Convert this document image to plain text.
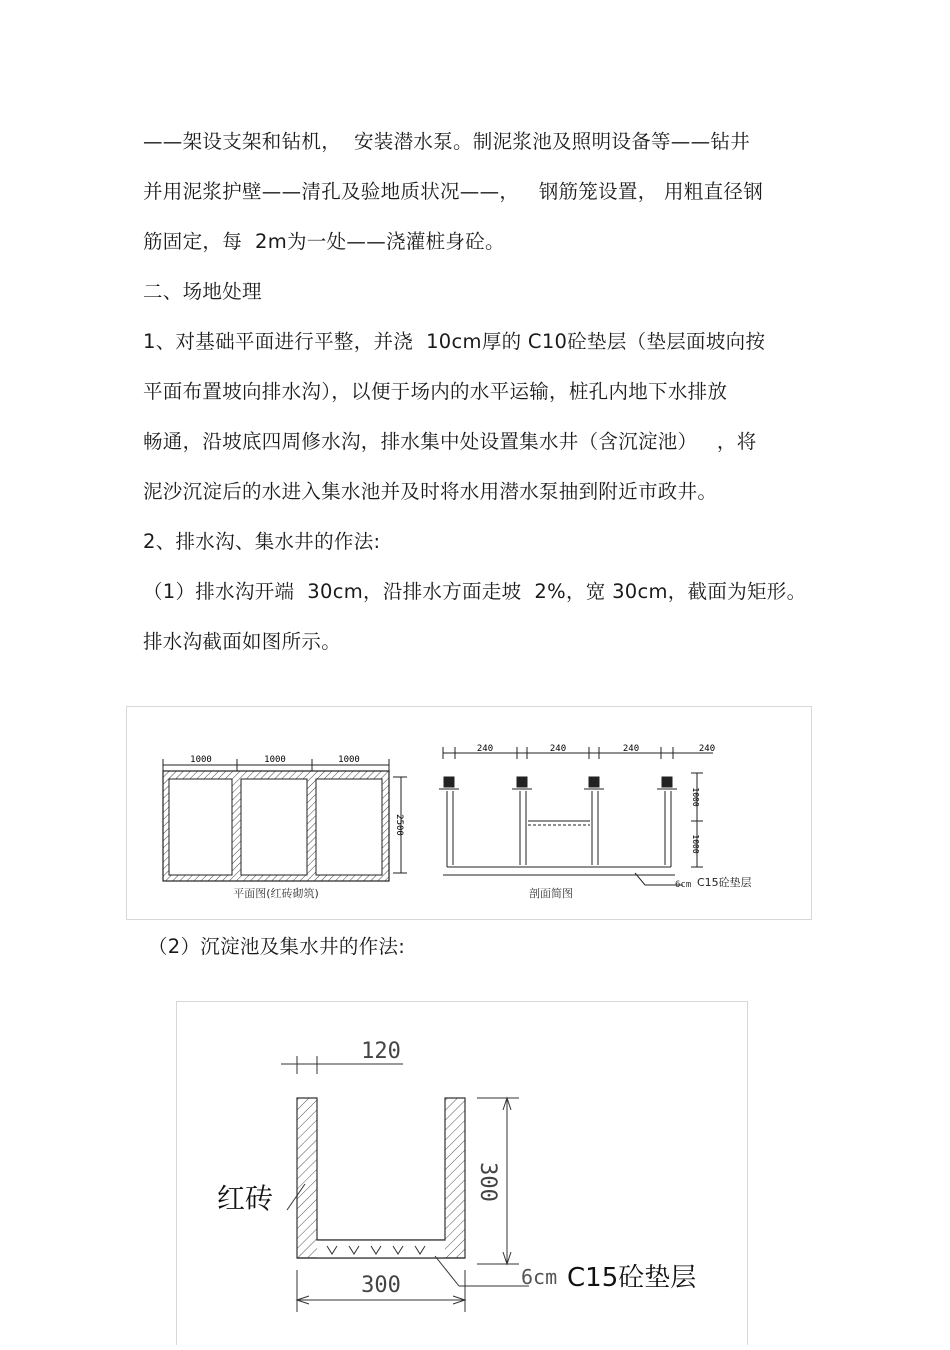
——架设支架和钻机，  安装潜水泵。制泥浆池及照明设备等——钻井

并用泥浆护壁——清孔及验地质状况——，   钢筋笼设置， 用粗直径钢

筋固定，每  2m为一处——浇灌桩身砼。

二、场地处理

1、对基础平面进行平整，并浇  10cm厚的 C10砼垫层（垫层面坡向按

平面布置坡向排水沟），以便于场内的水平运输，桩孔内地下水排放

畅通，沿坡底四周修水沟，排水集中处设置集水井（含沉淀池）   ，将

泥沙沉淀后的水进入集水池并及时将水用潜水泵抽到附近市政井。

2、排水沟、集水井的作法:

（1）排水沟开端  30cm，沿排水方面走坡  2%，宽 30cm，截面为矩形。

排水沟截面如图所示。

1000	1000	1000
2500
平面图(红砖砌筑)
240	240	240	240
1000
1000
剖面简图
6cm C15砼垫层

（2）沉淀池及集水井的作法:

120
300
300
红砖
6cm C15砼垫层
